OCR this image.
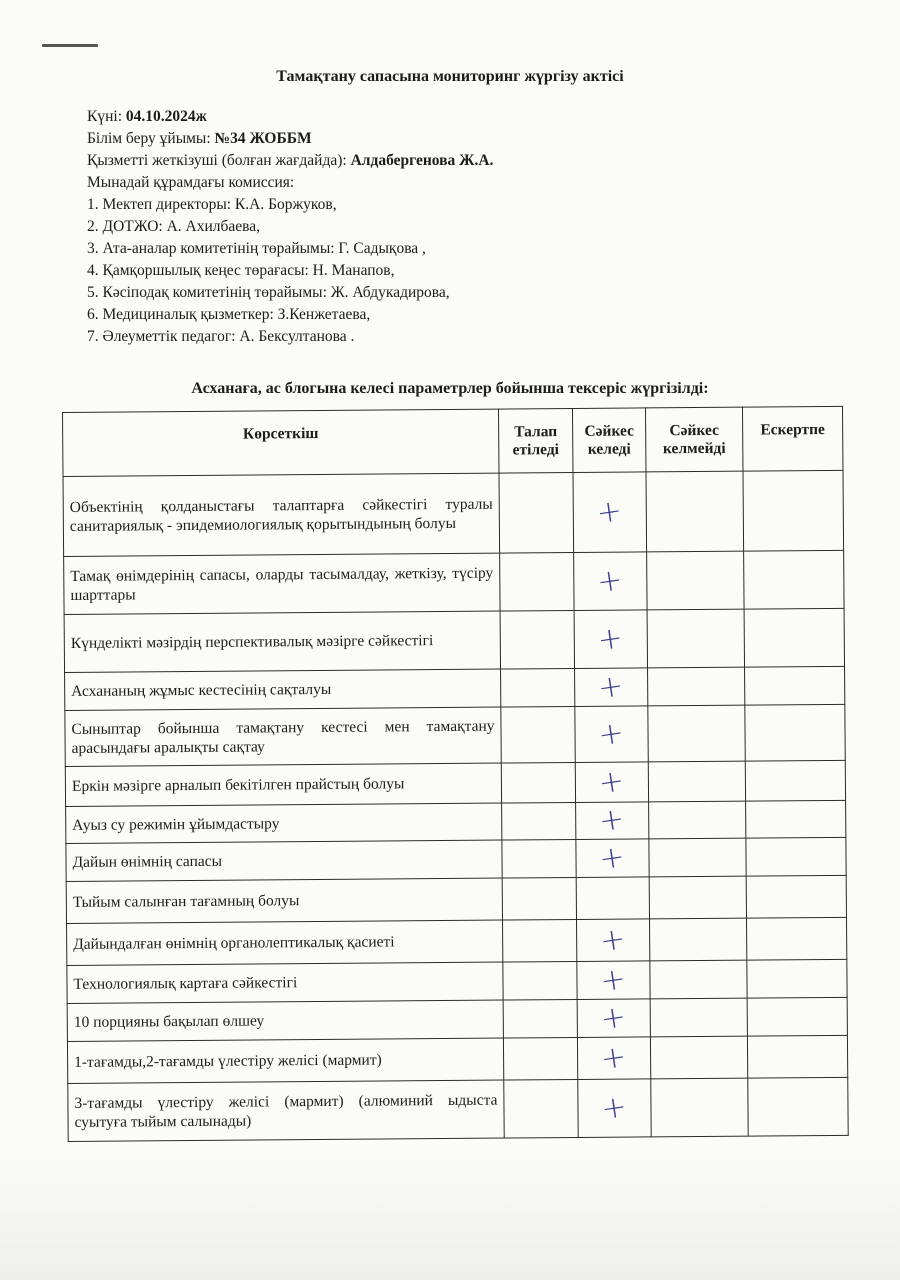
Тамақтану сапасына мониторинг жүргізу актісі
Күні: 04.10.2024ж
Білім беру ұйымы: №34 ЖОББМ
Қызметті жеткізуші (болған жағдайда): Алдабергенова Ж.А.
Мынадай құрамдағы комиссия:
1. Мектеп директоры: К.А. Боржуков,
2. ДОТЖО: А. Ахилбаева,
3. Ата-аналар комитетінің төрайымы: Г. Садықова ,
4. Қамқоршылық кеңес төрағасы: Н. Манапов,
5. Кәсіподақ комитетінің төрайымы: Ж. Абдукадирова,
6. Медициналық қызметкер: З.Кенжетаева,
7. Әлеуметтік педагог: А. Бексултанова .
Асханаға, ас блогына келесі параметрлер бойынша тексеріс жүргізілді:
Көрсеткіш	Талап етіледі	Сәйкес келеді	Сәйкес келмейді	Ескертпе
Объектінің қолданыстағы талаптарға сәйкестігі туралы санитариялық - эпидемиологиялық қорытындының болуы		+		
Тамақ өнімдерінің сапасы, оларды тасымалдау, жеткізу, түсіру шарттары		+		
Күнделікті мәзірдің перспективалық мәзірге сәйкестігі		+		
Асхананың жұмыс кестесінің сақталуы		+		
Сыныптар бойынша тамақтану кестесі мен тамақтану арасындағы аралықты сақтау		+		
Еркін мәзірге арналып бекітілген прайстың болуы		+		
Ауыз су режимін ұйымдастыру		+		
Дайын өнімнің сапасы		+		
Тыйым салынған тағамның болуы				
Дайындалған өнімнің органолептикалық қасиеті		+		
Технологиялық картаға сәйкестігі		+		
10 порцияны бақылап өлшеу		+		
1-тағамды,2-тағамды үлестіру желісі (мармит)		+		
3-тағамды үлестіру желісі (мармит) (алюминий ыдыста суытуға тыйым салынады)		+		
